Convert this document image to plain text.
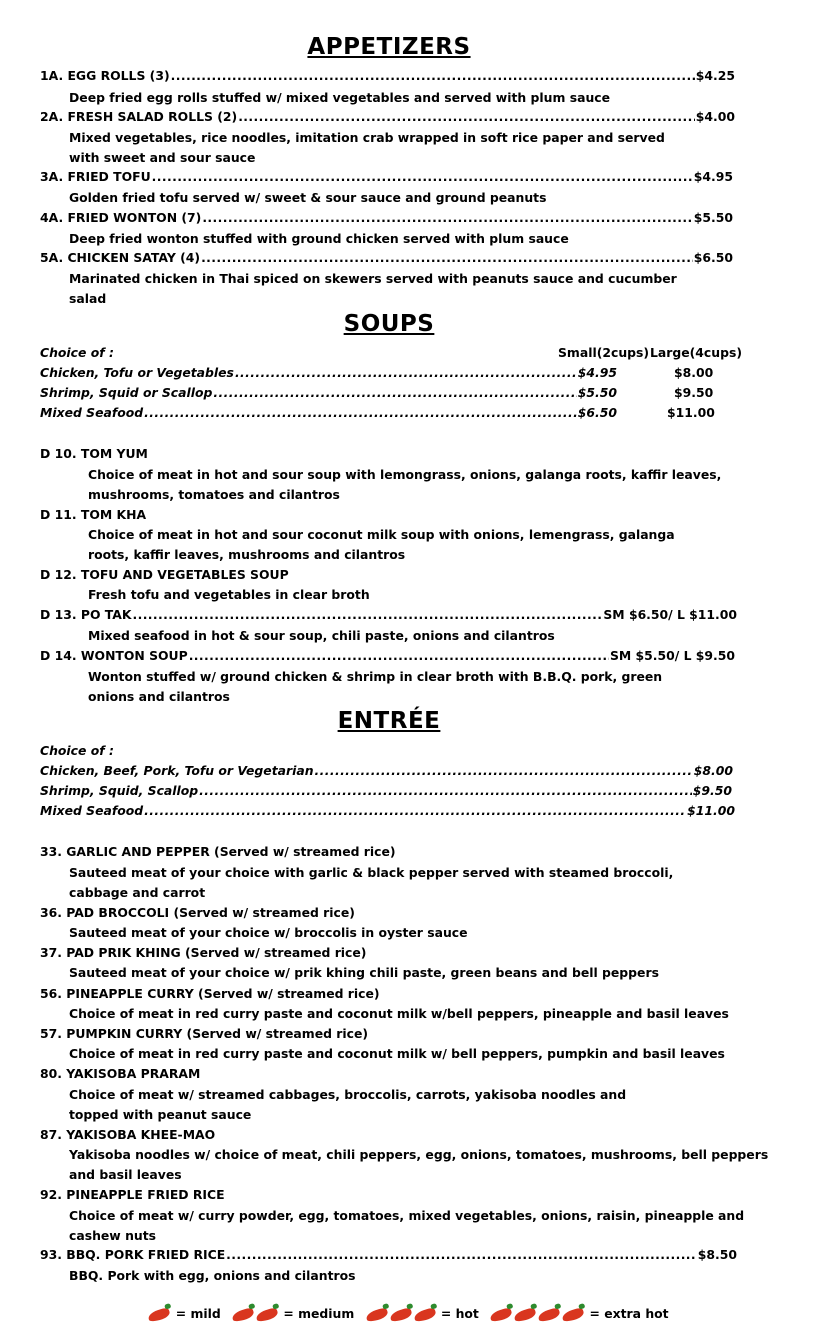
APPETIZERS
1A. EGG ROLLS (3) .....	$4.25
Deep fried egg rolls stuffed w/ mixed vegetables and served with plum sauce
2A. FRESH SALAD ROLLS (2) .....	$4.00
Mixed vegetables, rice noodles, imitation crab wrapped in soft rice paper and served
with sweet and sour sauce
3A. FRIED TOFU .....	$4.95
Golden fried tofu served w/ sweet & sour sauce and ground peanuts
4A. FRIED WONTON (7) .....	$5.50
Deep fried wonton stuffed with ground chicken served with plum sauce
5A. CHICKEN SATAY (4) .....	$6.50
Marinated chicken in Thai spiced on skewers served with peanuts sauce and cucumber
salad
SOUPS
Choice of :	Small(2cups) Large(4cups)
Chicken, Tofu or Vegetables .....	$4.95	$8.00
Shrimp, Squid or Scallop .....	$5.50	$9.50
Mixed Seafood .....	$6.50	$11.00
D 10. TOM YUM
Choice of meat in hot and sour soup with lemongrass, onions, galanga roots, kaffir leaves,
mushrooms, tomatoes and cilantros
D 11. TOM KHA
Choice of meat in hot and sour coconut milk soup with onions, lemengrass, galanga
roots, kaffir leaves, mushrooms and cilantros
D 12. TOFU AND VEGETABLES SOUP
Fresh tofu and vegetables in clear broth
D 13. PO TAK .....	SM $6.50/ L $11.00
Mixed seafood in hot & sour soup, chili paste, onions and cilantros
D 14. WONTON SOUP .....	SM $5.50/ L $9.50
Wonton stuffed w/ ground chicken & shrimp in clear broth with B.B.Q. pork, green
onions and cilantros
ENTRÉE
Choice of :
Chicken, Beef, Pork, Tofu or Vegetarian .....	$8.00
Shrimp, Squid, Scallop .....	$9.50
Mixed Seafood .....	$11.00
33. GARLIC AND PEPPER (Served w/ streamed rice)
Sauteed meat of your choice with garlic & black pepper served with steamed broccoli,
cabbage and carrot
36. PAD BROCCOLI (Served w/ streamed rice)
Sauteed meat of your choice w/ broccolis in oyster sauce
37. PAD PRIK KHING (Served w/ streamed rice)
Sauteed meat of your choice w/ prik khing chili paste, green beans and bell peppers
56. PINEAPPLE CURRY (Served w/ streamed rice)
Choice of meat in red curry paste and coconut milk w/bell peppers, pineapple and basil leaves
57. PUMPKIN CURRY (Served w/ streamed rice)
Choice of meat in red curry paste and coconut milk w/ bell peppers, pumpkin and basil leaves
80. YAKISOBA PRARAM
Choice of meat w/ streamed cabbages, broccolis, carrots, yakisoba noodles and
topped with peanut sauce
87. YAKISOBA KHEE-MAO
Yakisoba noodles w/ choice of meat, chili peppers, egg, onions, tomatoes, mushrooms, bell peppers
and basil leaves
92. PINEAPPLE FRIED RICE
Choice of meat w/ curry powder, egg, tomatoes, mixed vegetables, onions, raisin, pineapple and
cashew nuts
93. BBQ. PORK FRIED RICE .....	$8.50
BBQ. Pork with egg, onions and cilantros
= mild	= medium	= hot	= extra hot
